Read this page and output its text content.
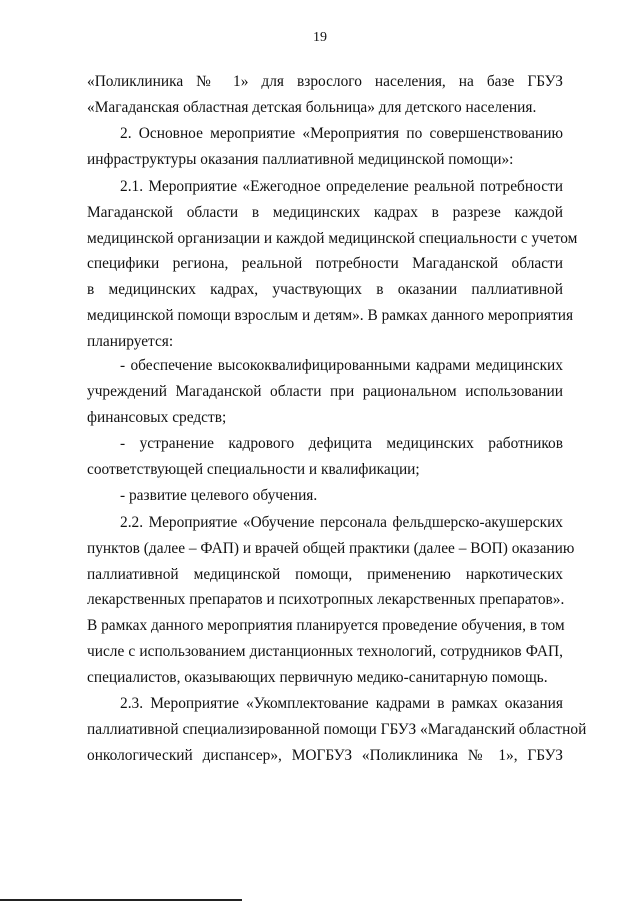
19
«Поликлиника № 1» для взрослого населения, на базе ГБУЗ
«Магаданская областная детская больница» для детского населения.
2. Основное мероприятие «Мероприятия по совершенствованию
инфраструктуры оказания паллиативной медицинской помощи»:
2.1. Мероприятие «Ежегодное определение реальной потребности
Магаданской области в медицинских кадрах в разрезе каждой
медицинской организации и каждой медицинской специальности с учетом
специфики региона, реальной потребности Магаданской области
в медицинских кадрах, участвующих в оказании паллиативной
медицинской помощи взрослым и детям». В рамках данного мероприятия
планируется:
- обеспечение высококвалифицированными кадрами медицинских
учреждений Магаданской области при рациональном использовании
финансовых средств;
- устранение кадрового дефицита медицинских работников
соответствующей специальности и квалификации;
- развитие целевого обучения.
2.2. Мероприятие «Обучение персонала фельдшерско-акушерских
пунктов (далее – ФАП) и врачей общей практики (далее – ВОП) оказанию
паллиативной медицинской помощи, применению наркотических
лекарственных препаратов и психотропных лекарственных препаратов».
В рамках данного мероприятия планируется проведение обучения, в том
числе с использованием дистанционных технологий, сотрудников ФАП,
специалистов, оказывающих первичную медико-санитарную помощь.
2.3. Мероприятие «Укомплектование кадрами в рамках оказания
паллиативной специализированной помощи ГБУЗ «Магаданский областной
онкологический диспансер», МОГБУЗ «Поликлиника № 1», ГБУЗ
